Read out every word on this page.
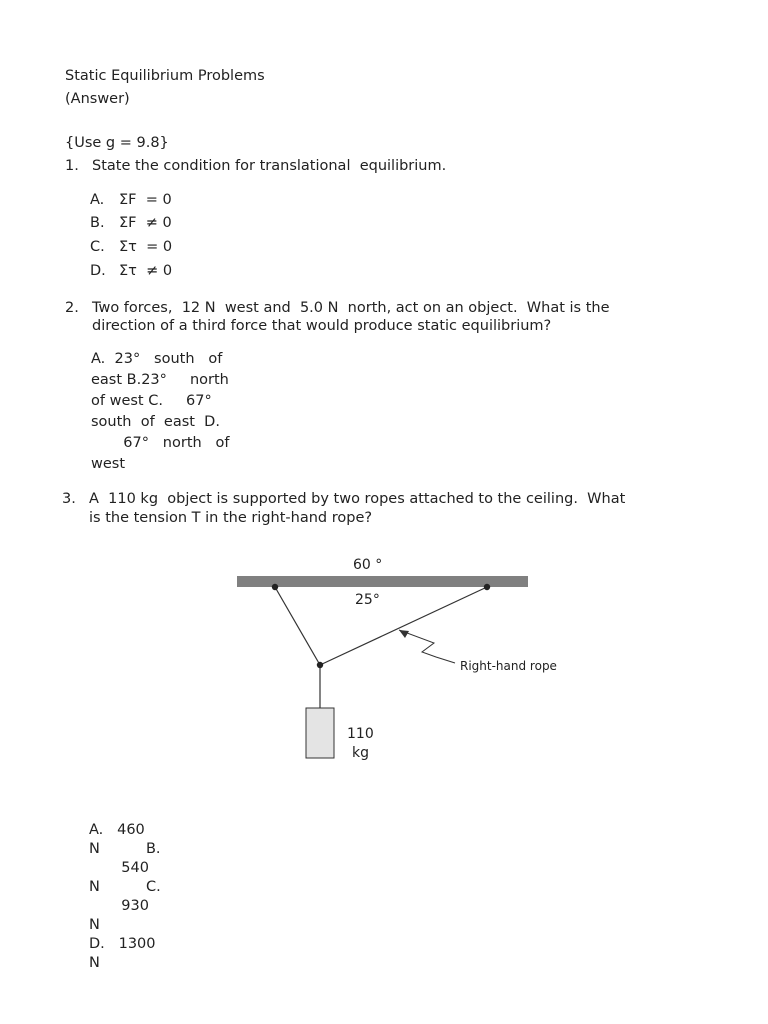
Static Equilibrium Problems
(Answer)
{Use g = 9.8}
1. State the condition for translational  equilibrium.
A. ΣF  = 0
B. ΣF  ≠ 0
C. Στ  = 0
D. Στ  ≠ 0
2. Two forces,  12 N  west and  5.0 N  north, act on an object.  What is the
direction of a third force that would produce static equilibrium?
A.  23°   south   of
east B.23°     north
of west C.     67°
south  of  east  D.
67°   north   of
west
3. A  110 kg  object is supported by two ropes attached to the ceiling.  What
is the tension T in the right-hand rope?
60 °
25°
Right-hand rope
110
kg
A.   460
N          B.
540
N          C.
930
N
D.   1300
N
